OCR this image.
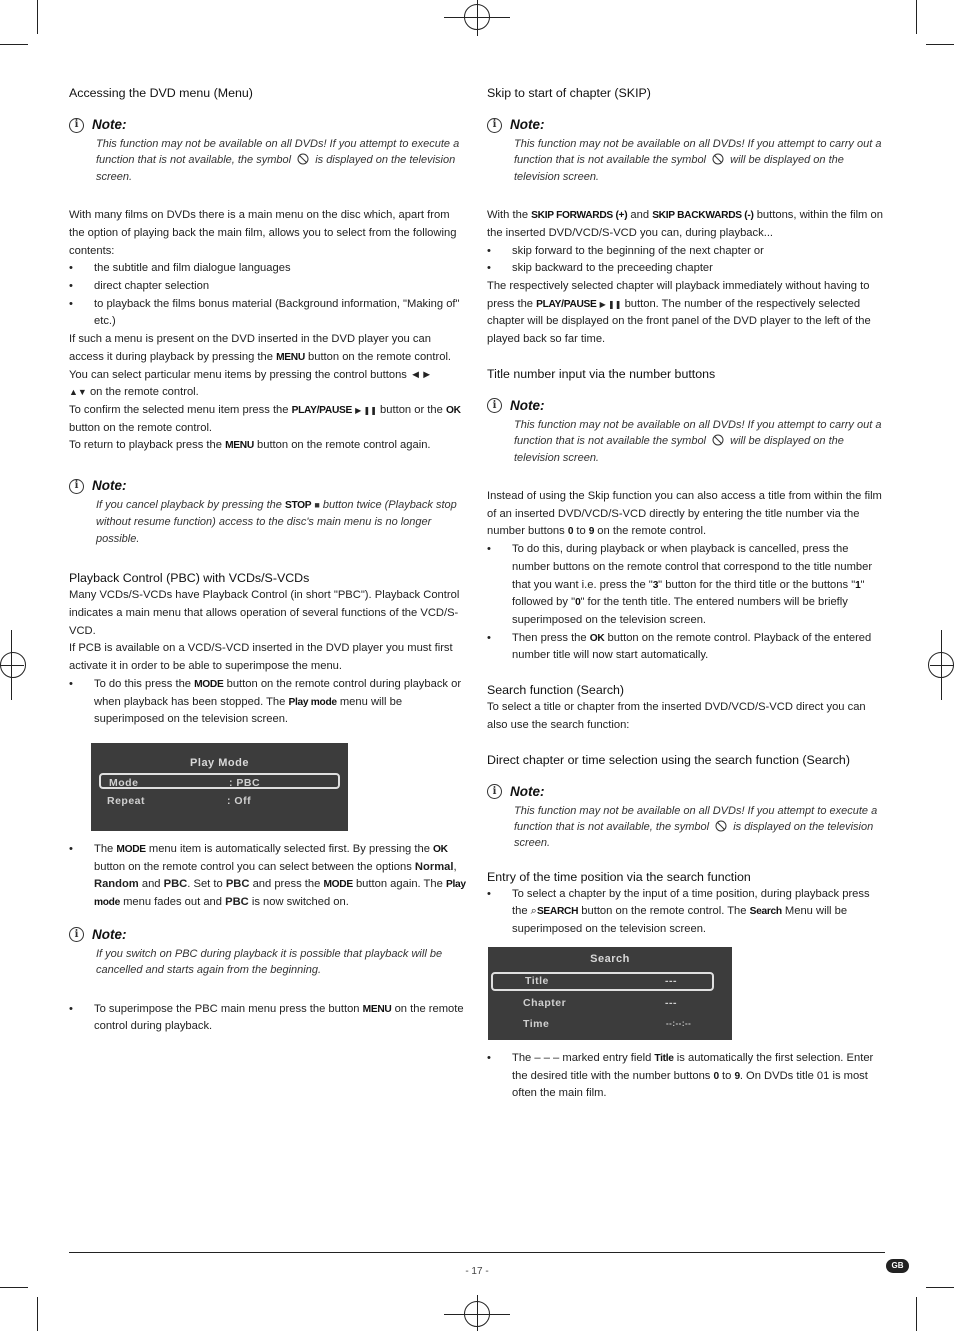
Accessing the DVD menu (Menu)
i	Note:
This function may not be available on all DVDs! If you attempt to execute a function that is not available, the symbol is displayed on the television screen.

With many films on DVDs there is a main menu on the disc which, apart from the option of playing back the main film, allows you to select from the following contents:

• the subtitle and film dialogue languages
• direct chapter selection
• to playback the films bonus material (Background information, "Making of" etc.)

If such a menu is present on the DVD inserted in the DVD player you can access it during playback by pressing the MENU button on the remote control.

You can select particular menu items by pressing the control buttons ◄►
▲▼ on the remote control.

To confirm the selected menu item press the PLAY/PAUSE ▶ ❚❚ button or the OK button on the remote control.

To return to playback press the MENU button on the remote control again.

i	Note:
If you cancel playback by pressing the STOP ■ button twice (Playback stop without resume function) access to the disc's main menu is no longer possible.
Playback Control (PBC) with VCDs/S-VCDs

Many VCDs/S-VCDs have Playback Control (in short "PBC"). Playback Control indicates a main menu that allows operation of several functions of the VCD/S-VCD.

If PCB is available on a VCD/S-VCD inserted in the DVD player you must first activate it in order to be able to superimpose the menu.

• To do this press the MODE button on the remote control during playback or when playback has been stopped. The Play mode menu will be superimposed on the television screen.
Play Mode
Mode	: PBC
Repeat	: Off
• The MODE menu item is automatically selected first. By pressing the OK button on the remote control you can select between the options Normal, Random and PBC. Set to PBC and press the MODE button again. The Play mode menu fades out and PBC is now switched on.
i	Note:
If you switch on PBC during playback it is possible that playback will be cancelled and starts again from the beginning.
• To superimpose the PBC main menu press the button MENU on the remote control during playback.
Skip to start of chapter (SKIP)
i	Note:
This function may not be available on all DVDs! If you attempt to carry out a function that is not available the symbol will be displayed on the television screen.

With the SKIP FORWARDS (+) and SKIP BACKWARDS (-) buttons, within the film on the inserted DVD/VCD/S-VCD you can, during playback...

• skip forward to the beginning of the next chapter or
• skip backward to the preceeding chapter

The respectively selected chapter will playback immediately without having to press the PLAY/PAUSE ▶ ❚❚ button. The number of the respectively selected chapter will be displayed on the front panel of the DVD player to the left of the played back so far time.

Title number input via the number buttons
i	Note:
This function may not be available on all DVDs! If you attempt to carry out a function that is not available the symbol will be displayed on the television screen.

Instead of using the Skip function you can also access a title from within the film of an inserted DVD/VCD/S-VCD directly by entering the title number via the number buttons 0 to 9 on the remote control.

• To do this, during playback or when playback is cancelled, press the number buttons on the remote control that correspond to the title number that you want i.e. press the "3" button for the third title or the buttons "1" followed by "0" for the tenth title. The entered numbers will be briefly superimposed on the television screen.
• Then press the OK button on the remote control. Playback of the entered number title will now start automatically.
Search function (Search)

To select a title or chapter from the inserted DVD/VCD/S-VCD direct you can also use the search function:

Direct chapter or time selection using the search function (Search)
i	Note:
This function may not be available on all DVDs! If you attempt to execute a function that is not available, the symbol is displayed on the television screen.
Entry of the time position via the search function
• To select a chapter by the input of a time position, during playback press the ⌕SEARCH button on the remote control. The Search Menu will be superimposed on the television screen.
Search
Title	---
Chapter	---
Time	--:--:--
• The – – – marked entry field Title is automatically the first selection. Enter the desired title with the number buttons 0 to 9. On DVDs title 01 is most often the main film.
- 17 -
GB
